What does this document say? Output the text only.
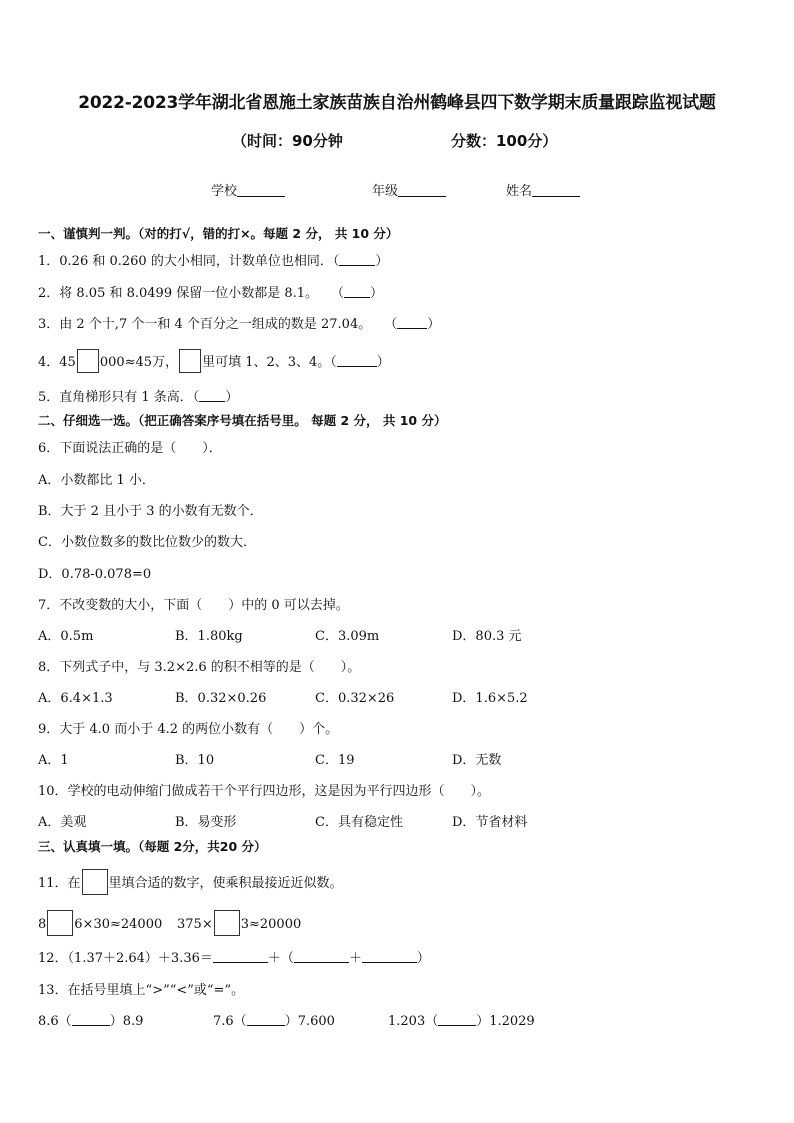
2022-2023学年湖北省恩施土家族苗族自治州鹤峰县四下数学期末质量跟踪监视试题
（时间：90分钟	分数：100分）
学校	年级	姓名
一、谨慎判一判。（对的打√，错的打×。每题 2 分， 共 10 分）
1．0.26 和 0.260 的大小相同，计数单位也相同．（	）
2．将 8.05 和 8.0499 保留一位小数都是 8.1。　　（ ）
3．由 2 个十,7 个一和 4 个百分之一组成的数是 27.04。　　（ ）
4．45 000≈45万， 里可填 1、2、3、4。（	）
5．直角梯形只有 1 条高．（ ）
二、仔细选一选。（把正确答案序号填在括号里。 每题 2 分， 共 10 分）
6．下面说法正确的是（　　）．
A．小数都比 1 小．
B．大于 2 且小于 3 的小数有无数个．
C．小数位数多的数比位数少的数大．
D．0.78-0.078=0
7．不改变数的大小，下面（　　）中的 0 可以去掉。
A．0.5m	B．1.80kg	C．3.09m	D．80.3 元
8．下列式子中，与 3.2×2.6 的积不相等的是（　　）。
A．6.4×1.3	B．0.32×0.26	C．0.32×26	D．1.6×5.2
9．大于 4.0 而小于 4.2 的两位小数有（　　）个。
A．1	B．10	C．19	D．无数
10．学校的电动伸缩门做成若干个平行四边形，这是因为平行四边形（　　）。
A．美观	B．易变形	C．具有稳定性	D．节省材料
三、认真填一填。（每题 2分，共20 分）
11．在 里填合适的数字，使乘积最接近近似数。
8 6×30≈24000 375× 3≈20000
12．（1.37＋2.64）＋3.36＝	＋（	＋	）
13．在括号里填上“>”“<”或“=”。
8.6（	）8.9	7.6（	）7.600	1.203（	）1.2029
